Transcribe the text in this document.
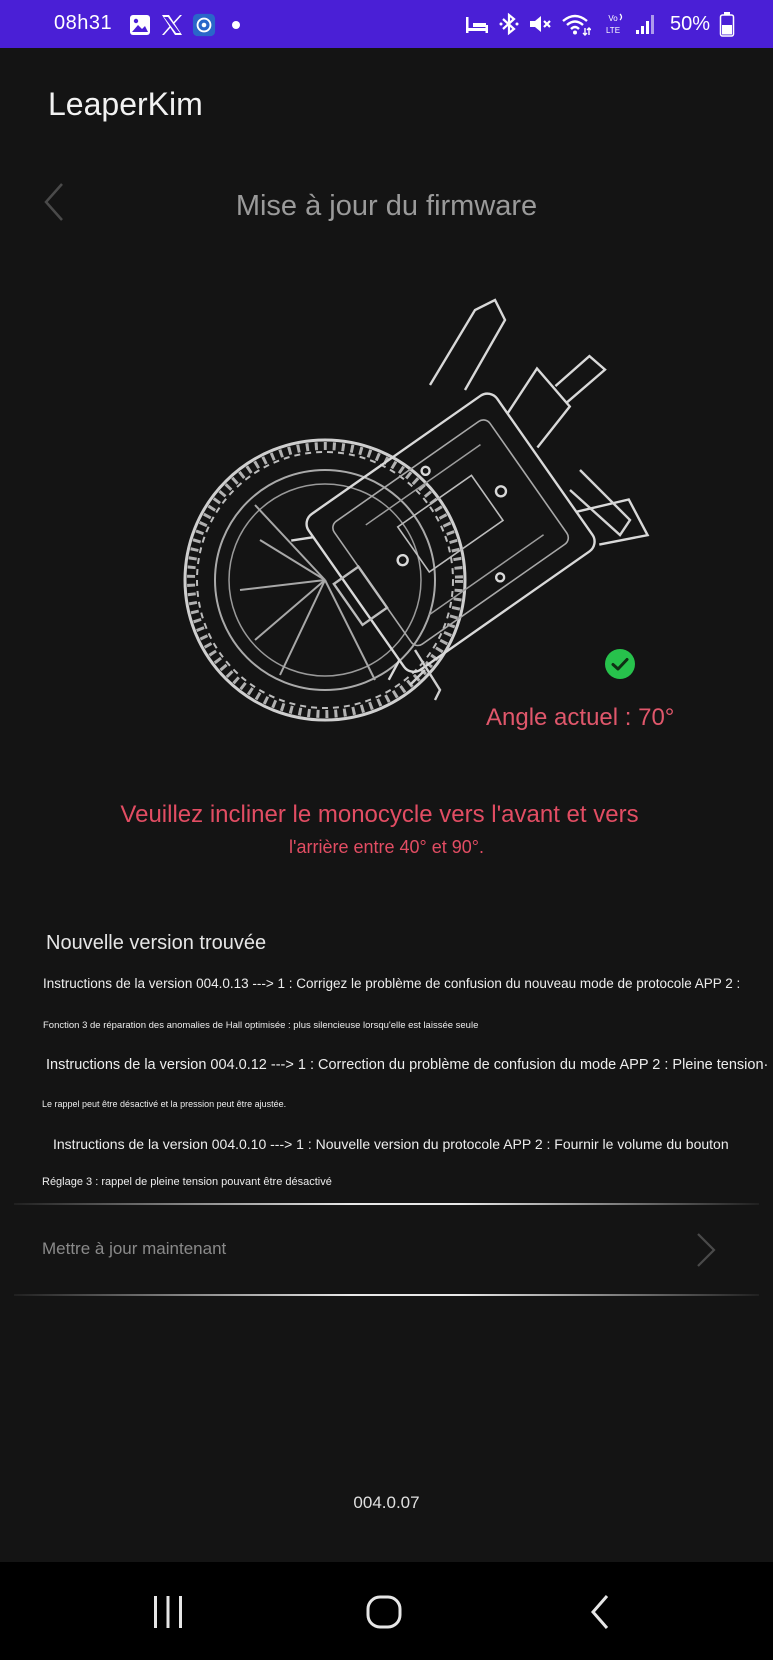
08h31	Vo
LTE 50%
LeaperKim
Mise à jour du firmware
Angle actuel : 70°
Veuillez incliner le monocycle vers l'avant et vers
l'arrière entre 40° et 90°.
Nouvelle version trouvée
Instructions de la version 004.0.13 ---> 1 : Corrigez le problème de confusion du nouveau mode de protocole APP 2 :
Fonction 3 de réparation des anomalies de Hall optimisée : plus silencieuse lorsqu'elle est laissée seule
Instructions de la version 004.0.12 ---> 1 : Correction du problème de confusion du mode APP 2 : Pleine tension·
Le rappel peut être désactivé et la pression peut être ajustée.
Instructions de la version 004.0.10 ---> 1 : Nouvelle version du protocole APP 2 : Fournir le volume du bouton
Réglage 3 : rappel de pleine tension pouvant être désactivé
Mettre à jour maintenant
004.0.07
